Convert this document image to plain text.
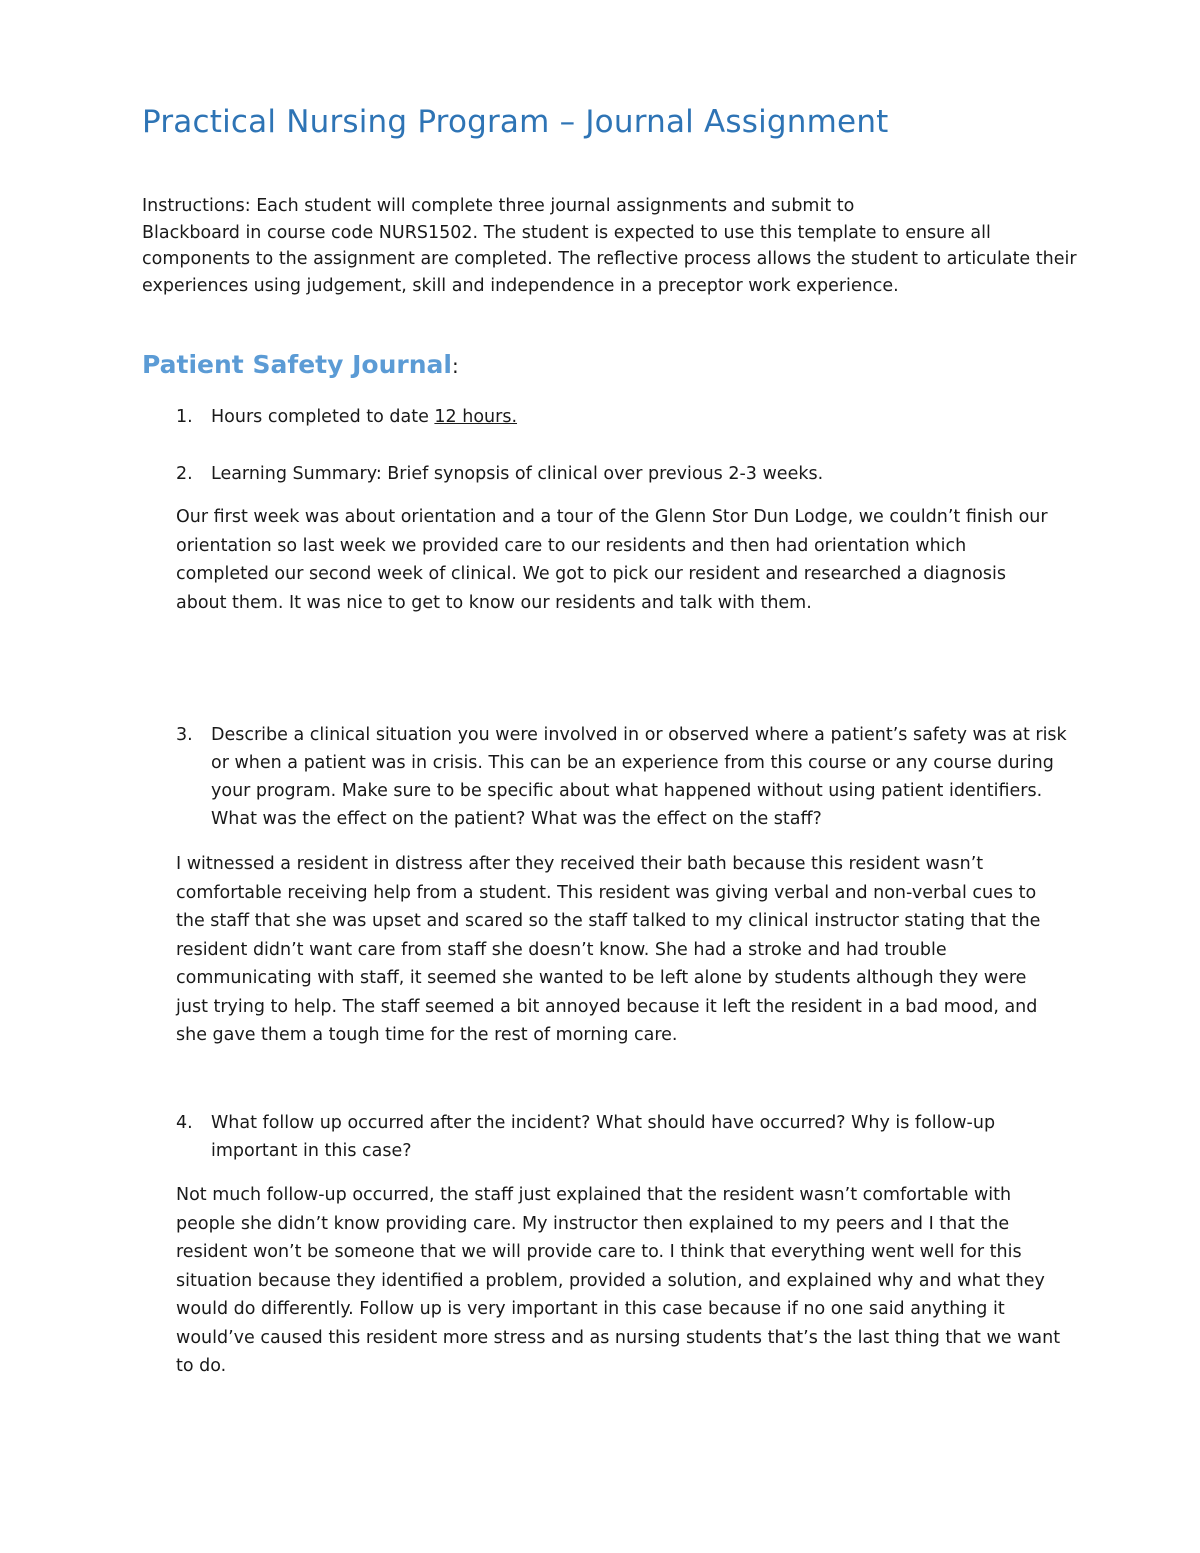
Practical Nursing Program – Journal Assignment
Instructions: Each student will complete three journal assignments and submit to
Blackboard in course code NURS1502. The student is expected to use this template to ensure all
components to the assignment are completed. The reflective process allows the student to articulate their
experiences using judgement, skill and independence in a preceptor work experience.
Patient Safety Journal:
1. Hours completed to date 12 hours.
2. Learning Summary: Brief synopsis of clinical over previous 2-3 weeks.
Our first week was about orientation and a tour of the Glenn Stor Dun Lodge, we couldn’t finish our
orientation so last week we provided care to our residents and then had orientation which
completed our second week of clinical. We got to pick our resident and researched a diagnosis
about them. It was nice to get to know our residents and talk with them.
3. Describe a clinical situation you were involved in or observed where a patient’s safety was at risk
or when a patient was in crisis. This can be an experience from this course or any course during
your program. Make sure to be specific about what happened without using patient identifiers.
What was the effect on the patient? What was the effect on the staff?
I witnessed a resident in distress after they received their bath because this resident wasn’t
comfortable receiving help from a student. This resident was giving verbal and non-verbal cues to
the staff that she was upset and scared so the staff talked to my clinical instructor stating that the
resident didn’t want care from staff she doesn’t know. She had a stroke and had trouble
communicating with staff, it seemed she wanted to be left alone by students although they were
just trying to help. The staff seemed a bit annoyed because it left the resident in a bad mood, and
she gave them a tough time for the rest of morning care.
4. What follow up occurred after the incident? What should have occurred? Why is follow-up
important in this case?
Not much follow-up occurred, the staff just explained that the resident wasn’t comfortable with
people she didn’t know providing care. My instructor then explained to my peers and I that the
resident won’t be someone that we will provide care to. I think that everything went well for this
situation because they identified a problem, provided a solution, and explained why and what they
would do differently. Follow up is very important in this case because if no one said anything it
would’ve caused this resident more stress and as nursing students that’s the last thing that we want
to do.
